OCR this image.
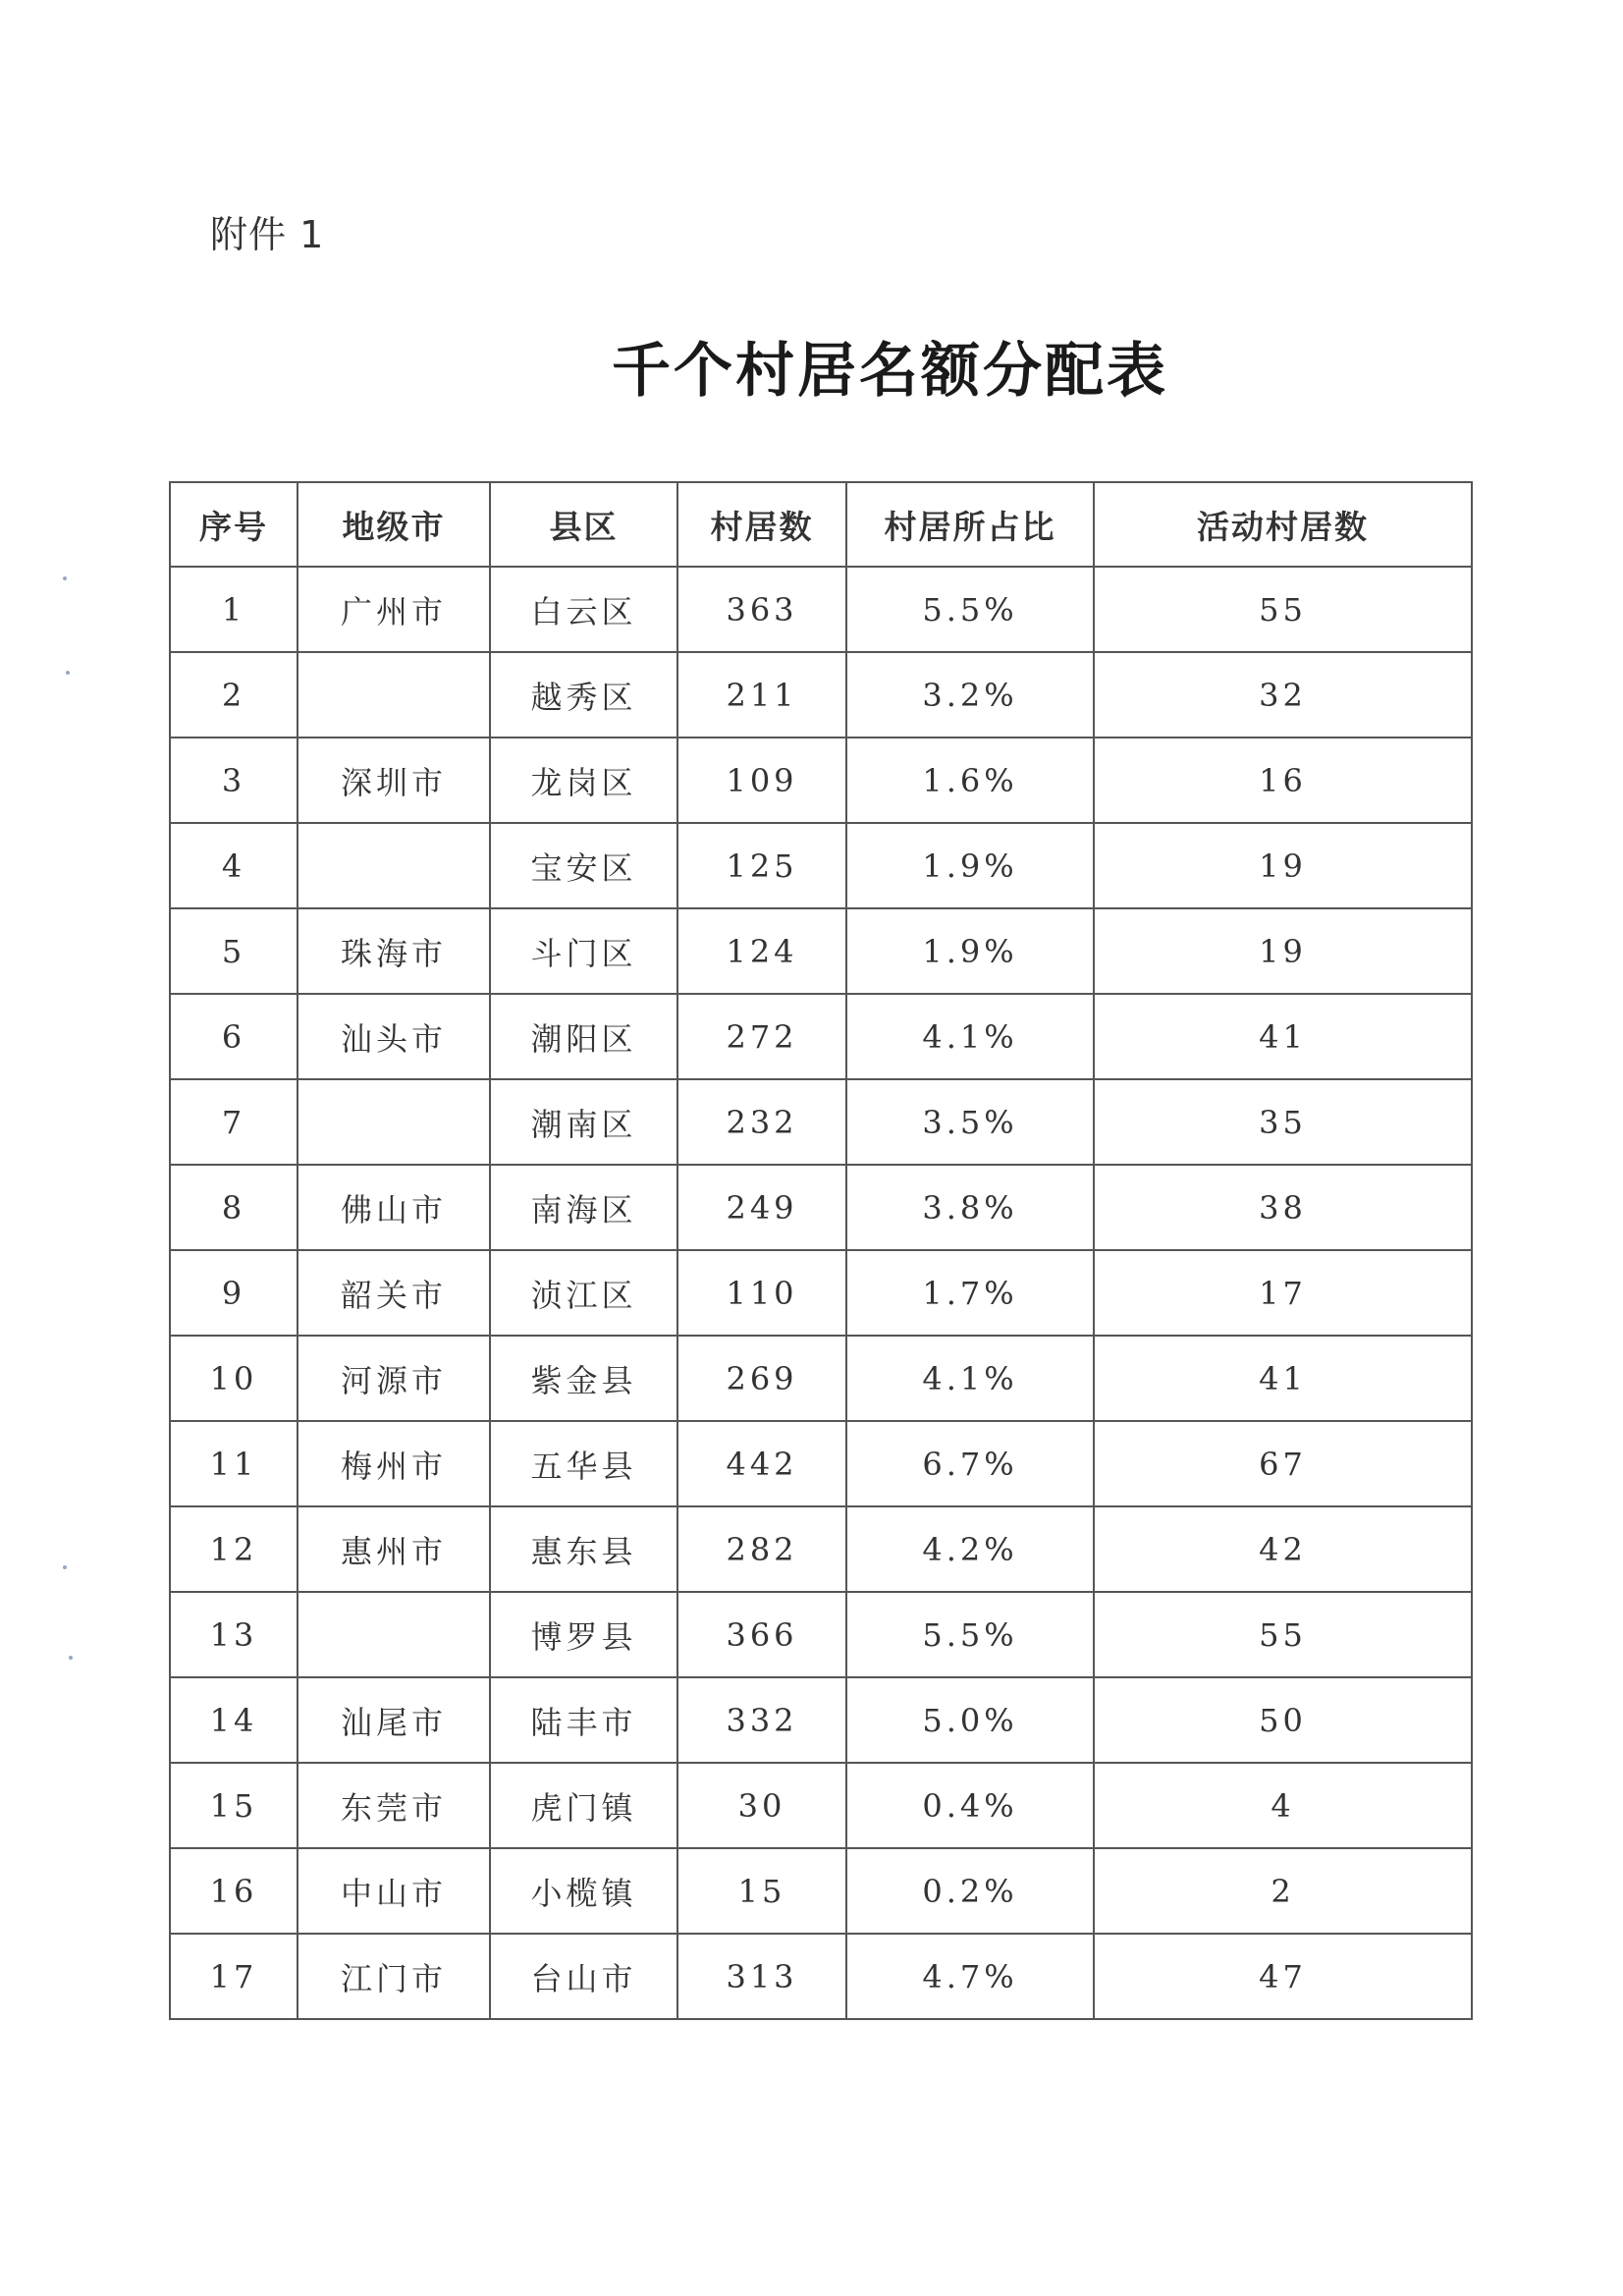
附件 1
千个村居名额分配表
序号	地级市	县区	村居数	村居所占比	活动村居数
1	广州市	白云区	363	5.5%	55
2		越秀区	211	3.2%	32
3	深圳市	龙岗区	109	1.6%	16
4		宝安区	125	1.9%	19
5	珠海市	斗门区	124	1.9%	19
6	汕头市	潮阳区	272	4.1%	41
7		潮南区	232	3.5%	35
8	佛山市	南海区	249	3.8%	38
9	韶关市	浈江区	110	1.7%	17
10	河源市	紫金县	269	4.1%	41
11	梅州市	五华县	442	6.7%	67
12	惠州市	惠东县	282	4.2%	42
13		博罗县	366	5.5%	55
14	汕尾市	陆丰市	332	5.0%	50
15	东莞市	虎门镇	30	0.4%	4
16	中山市	小榄镇	15	0.2%	2
17	江门市	台山市	313	4.7%	47
